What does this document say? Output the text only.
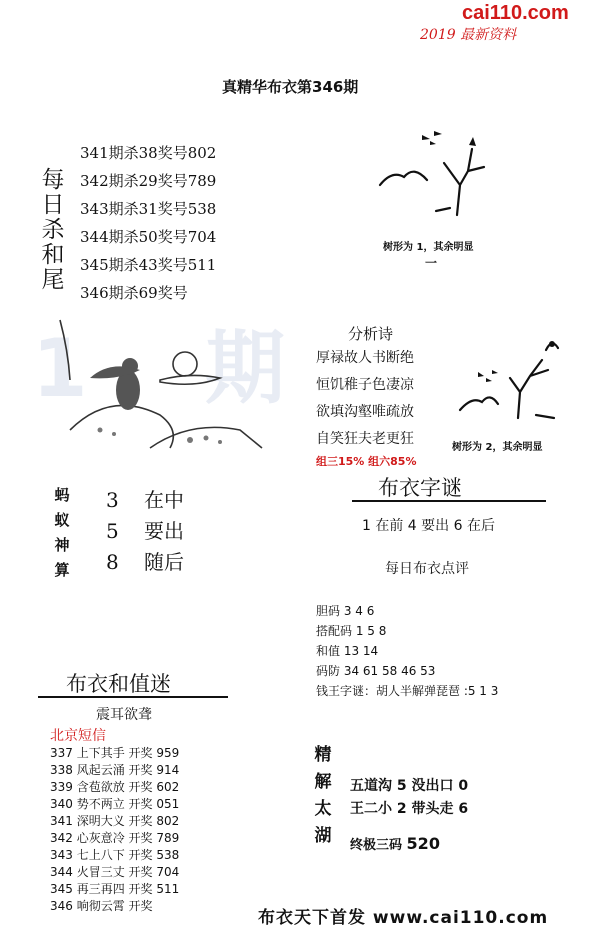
cai110.com
2019 最新资料
真精华布衣第346期
每
日
杀
和
尾
341期杀38奖号802
342期杀29奖号789
343期杀31奖号538
344期杀50奖号704
345期杀43奖号511
346期杀69奖号
树形为 1，其余明显
一
1 期	分析诗
厚禄故人书断绝
恒饥稚子色凄凉
欲填沟壑唯疏放
自笑狂夫老更狂
组三15% 组六85%
树形为 2，其余明显
蚂
蚁
神
算
3 在中
5 要出
8 随后
布衣字谜
1 在前 4 要出 6 在后
每日布衣点评
胆码 3 4 6
搭配码 1 5 8
和值 13 14
码防 34 61 58 46 53
钱王字谜：胡人半解弹琵琶 :5 1 3
布衣和值迷
震耳欲聋
北京短信
337 上下其手 开奖 959
338 风起云涌 开奖 914
339 含苞欲放 开奖 602
340 势不两立 开奖 051
341 深明大义 开奖 802
342 心灰意冷 开奖 789
343 七上八下 开奖 538
344 火冒三丈 开奖 704
345 再三再四 开奖 511
346 响彻云霄 开奖
精
解
太
湖
五道沟 5 没出口 0
王二小 2 带头走 6
终极三码 520
布衣天下首发 www.cai110.com
